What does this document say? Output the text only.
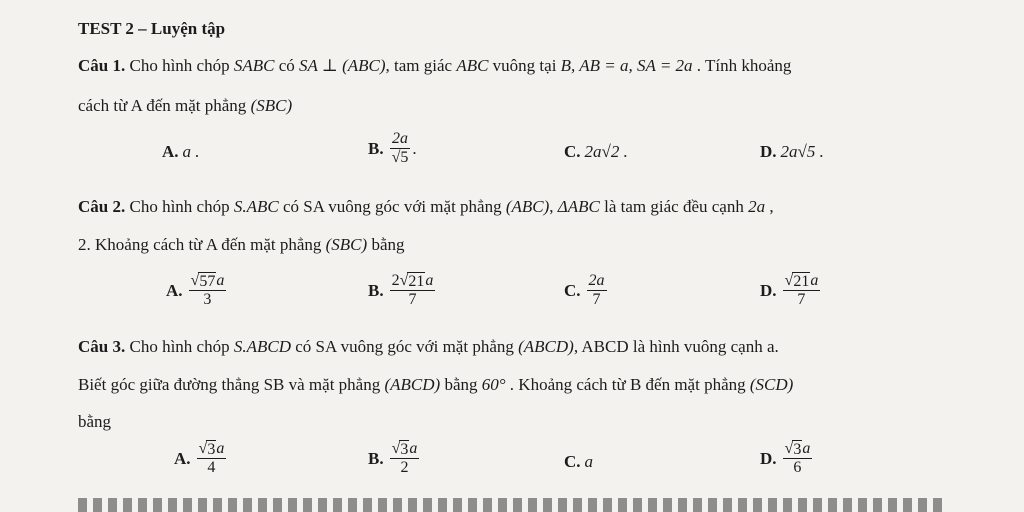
TEST 2 – Luyện tập
Câu 1. Cho hình chóp SABC có SA ⊥ (ABC), tam giác ABC vuông tại B, AB = a, SA = 2a . Tính khoảng
cách từ A đến mặt phẳng (SBC)
A. a .	B. $\frac{2a}{√5}$ .	C. 2a√2 .	D. 2a√5 .
Câu 2. Cho hình chóp S.ABC có SA vuông góc với mặt phẳng (ABC), ΔABC là tam giác đều cạnh 2a ,
2. Khoảng cách từ A đến mặt phẳng (SBC) bằng
A. $\frac{√ 57 a}{3}$	B. $\frac{2 √ 21 a}{7}$	C. $\frac{2a}{7}$	D. $\frac{√ 21 a}{7}$
Câu 3. Cho hình chóp S.ABCD có SA vuông góc với mặt phẳng (ABCD), ABCD là hình vuông cạnh a.
Biết góc giữa đường thẳng SB và mặt phẳng (ABCD) bằng 60° . Khoảng cách từ B đến mặt phẳng (SCD)
bằng
A. $\frac{√ 3 a}{4}$	B. $\frac{√ 3 a}{2}$	C. a	D. $\frac{√ 3 a}{6}$
